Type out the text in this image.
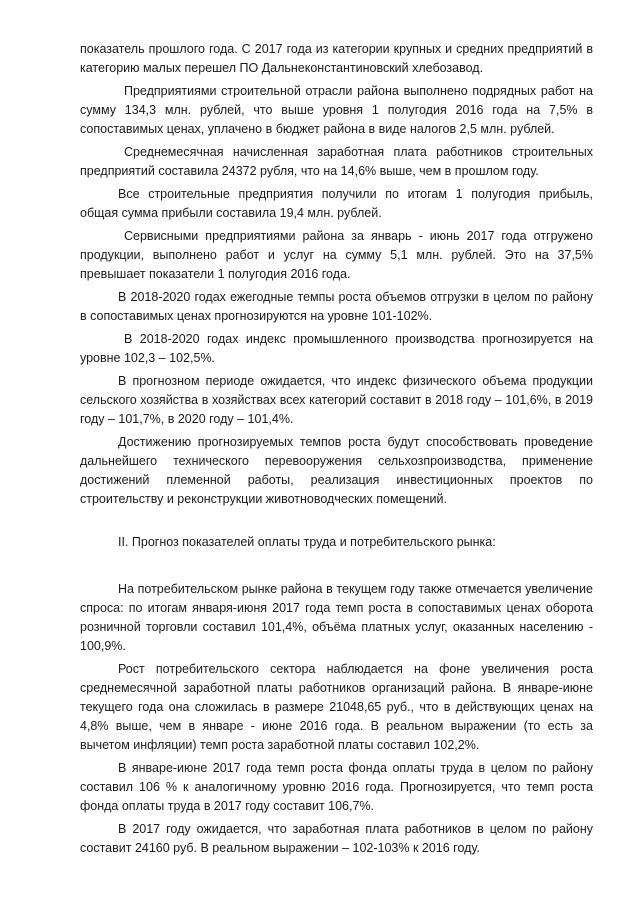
показатель прошлого года. С 2017 года из категории крупных и средних предприятий в категорию малых перешел ПО Дальнеконстантиновский хлебозавод.

Предприятиями строительной отрасли района выполнено подрядных работ на сумму 134,3 млн. рублей, что выше уровня 1 полугодия 2016 года на 7,5% в сопоставимых ценах, уплачено в бюджет района в виде налогов 2,5 млн. рублей.

Среднемесячная начисленная заработная плата работников строительных предприятий составила 24372 рубля, что на 14,6% выше, чем в прошлом году.

Все строительные предприятия получили по итогам 1 полугодия прибыль, общая сумма прибыли составила 19,4 млн. рублей.

Сервисными предприятиями района за январь - июнь 2017 года отгружено продукции, выполнено работ и услуг на сумму 5,1 млн. рублей. Это на 37,5% превышает показатели 1 полугодия 2016 года.

В 2018-2020 годах ежегодные темпы роста объемов отгрузки в целом по району в сопоставимых ценах прогнозируются на уровне 101-102%.

В 2018-2020 годах индекс промышленного производства прогнозируется на уровне 102,3 – 102,5%.

В прогнозном периоде ожидается, что индекс физического объема продукции сельского хозяйства в хозяйствах всех категорий составит в 2018 году – 101,6%, в 2019 году – 101,7%, в 2020 году – 101,4%.

Достижению прогнозируемых темпов роста будут способствовать проведение дальнейшего технического перевооружения сельхозпроизводства, применение достижений племенной работы, реализация инвестиционных проектов по строительству и реконструкции животноводческих помещений.

II. Прогноз показателей оплаты труда и потребительского рынка:

На потребительском рынке района в текущем году также отмечается увеличение спроса: по итогам января-июня 2017 года темп роста в сопоставимых ценах оборота розничной торговли составил 101,4%, объёма платных услуг, оказанных населению - 100,9%.

Рост потребительского сектора наблюдается на фоне увеличения роста среднемесячной заработной платы работников организаций района. В январе-июне текущего года она сложилась в размере 21048,65 руб., что в действующих ценах на 4,8% выше, чем в январе - июне 2016 года. В реальном выражении (то есть за вычетом инфляции) темп роста заработной платы составил 102,2%.

В январе-июне 2017 года темп роста фонда оплаты труда в целом по району составил 106 % к аналогичному уровню 2016 года. Прогнозируется, что темп роста фонда оплаты труда в 2017 году составит 106,7%.

В 2017 году ожидается, что заработная плата работников в целом по району составит 24160 руб. В реальном выражении – 102-103% к 2016 году.
